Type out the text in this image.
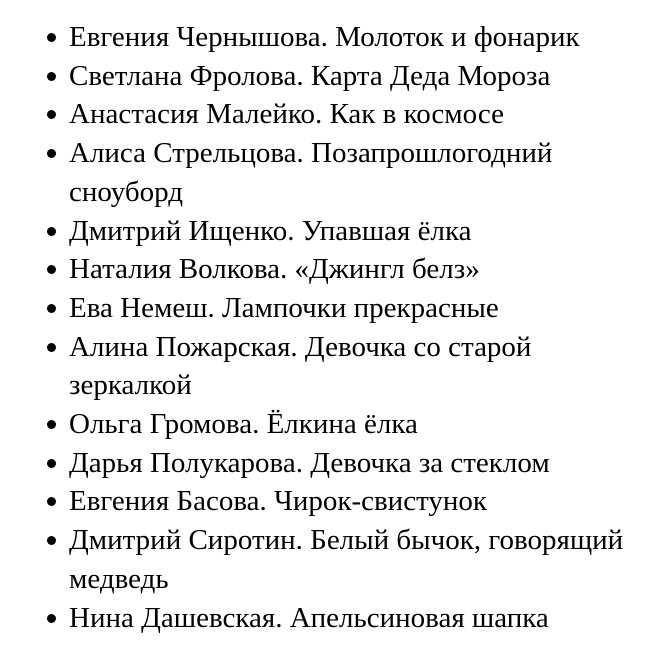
Евгения Чернышова. Молоток и фонарик
Светлана Фролова. Карта Деда Мороза
Анастасия Малейко. Как в космосе
Алиса Стрельцова. Позапрошлогодний сноуборд
Дмитрий Ищенко. Упавшая ёлка
Наталия Волкова. «Джингл белз»
Ева Немеш. Лампочки прекрасные
Алина Пожарская. Девочка со старой зеркалкой
Ольга Громова. Ёлкина ёлка
Дарья Полукарова. Девочка за стеклом
Евгения Басова. Чирок-свистунок
Дмитрий Сиротин. Белый бычок, говорящий медведь
Нина Дашевская. Апельсиновая шапка
